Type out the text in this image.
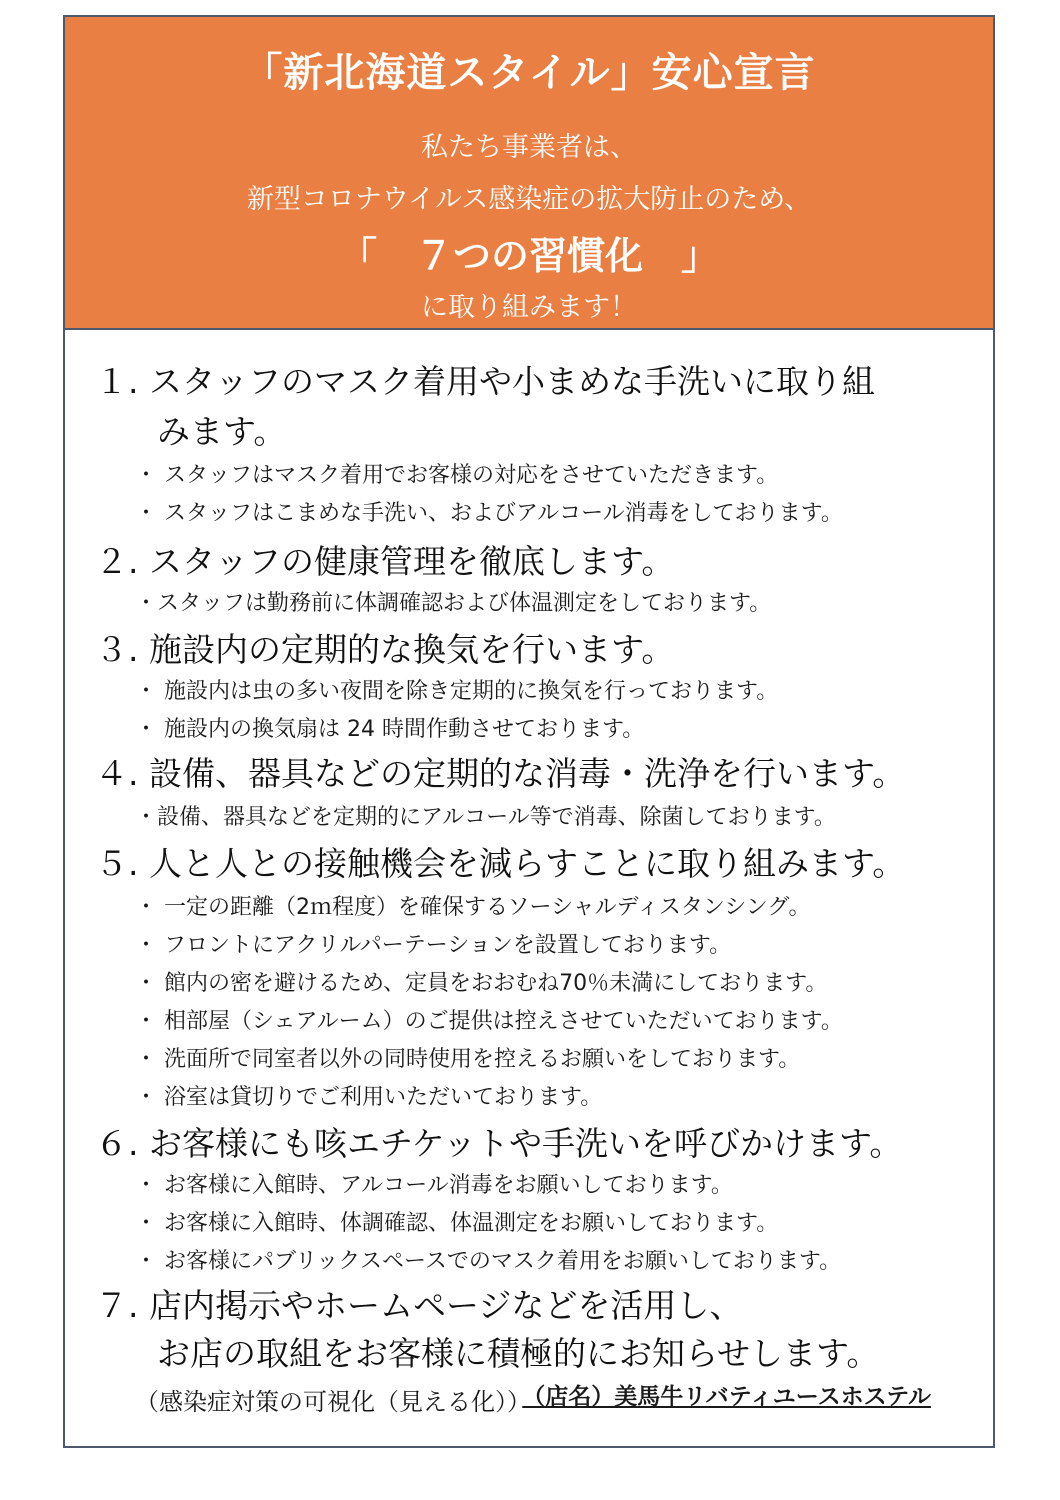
「新北海道スタイル」安心宣言
私たち事業者は、
新型コロナウイルス感染症の拡大防止のため、
「　７つの習慣化　」
に取り組みます！
１. スタッフのマスク着用や小まめな手洗いに取り組
みます。
・ スタッフはマスク着用でお客様の対応をさせていただきます。
・ スタッフはこまめな手洗い、およびアルコール消毒をしております。
２. スタッフの健康管理を徹底します。
・スタッフは勤務前に体調確認および体温測定をしております。
３. 施設内の定期的な換気を行います。
・ 施設内は虫の多い夜間を除き定期的に換気を行っております。
・ 施設内の換気扇は 24 時間作動させております。
４. 設備、器具などの定期的な消毒・洗浄を行います。
・設備、器具などを定期的にアルコール等で消毒、除菌しております。
５. 人と人との接触機会を減らすことに取り組みます。
・ 一定の距離（2ｍ程度）を確保するソーシャルディスタンシング。
・ フロントにアクリルパーテーションを設置しております。
・ 館内の密を避けるため、定員をおおむね70％未満にしております。
・ 相部屋（シェアルーム）のご提供は控えさせていただいております。
・ 洗面所で同室者以外の同時使用を控えるお願いをしております。
・ 浴室は貸切りでご利用いただいております。
６. お客様にも咳エチケットや手洗いを呼びかけます。
・ お客様に入館時、アルコール消毒をお願いしております。
・ お客様に入館時、体調確認、体温測定をお願いしております。
・ お客様にパブリックスペースでのマスク着用をお願いしております。
７. 店内掲示やホームページなどを活用し、
お店の取組をお客様に積極的にお知らせします。
（感染症対策の可視化（見える化））
（店名）美馬牛リバティユースホステル
